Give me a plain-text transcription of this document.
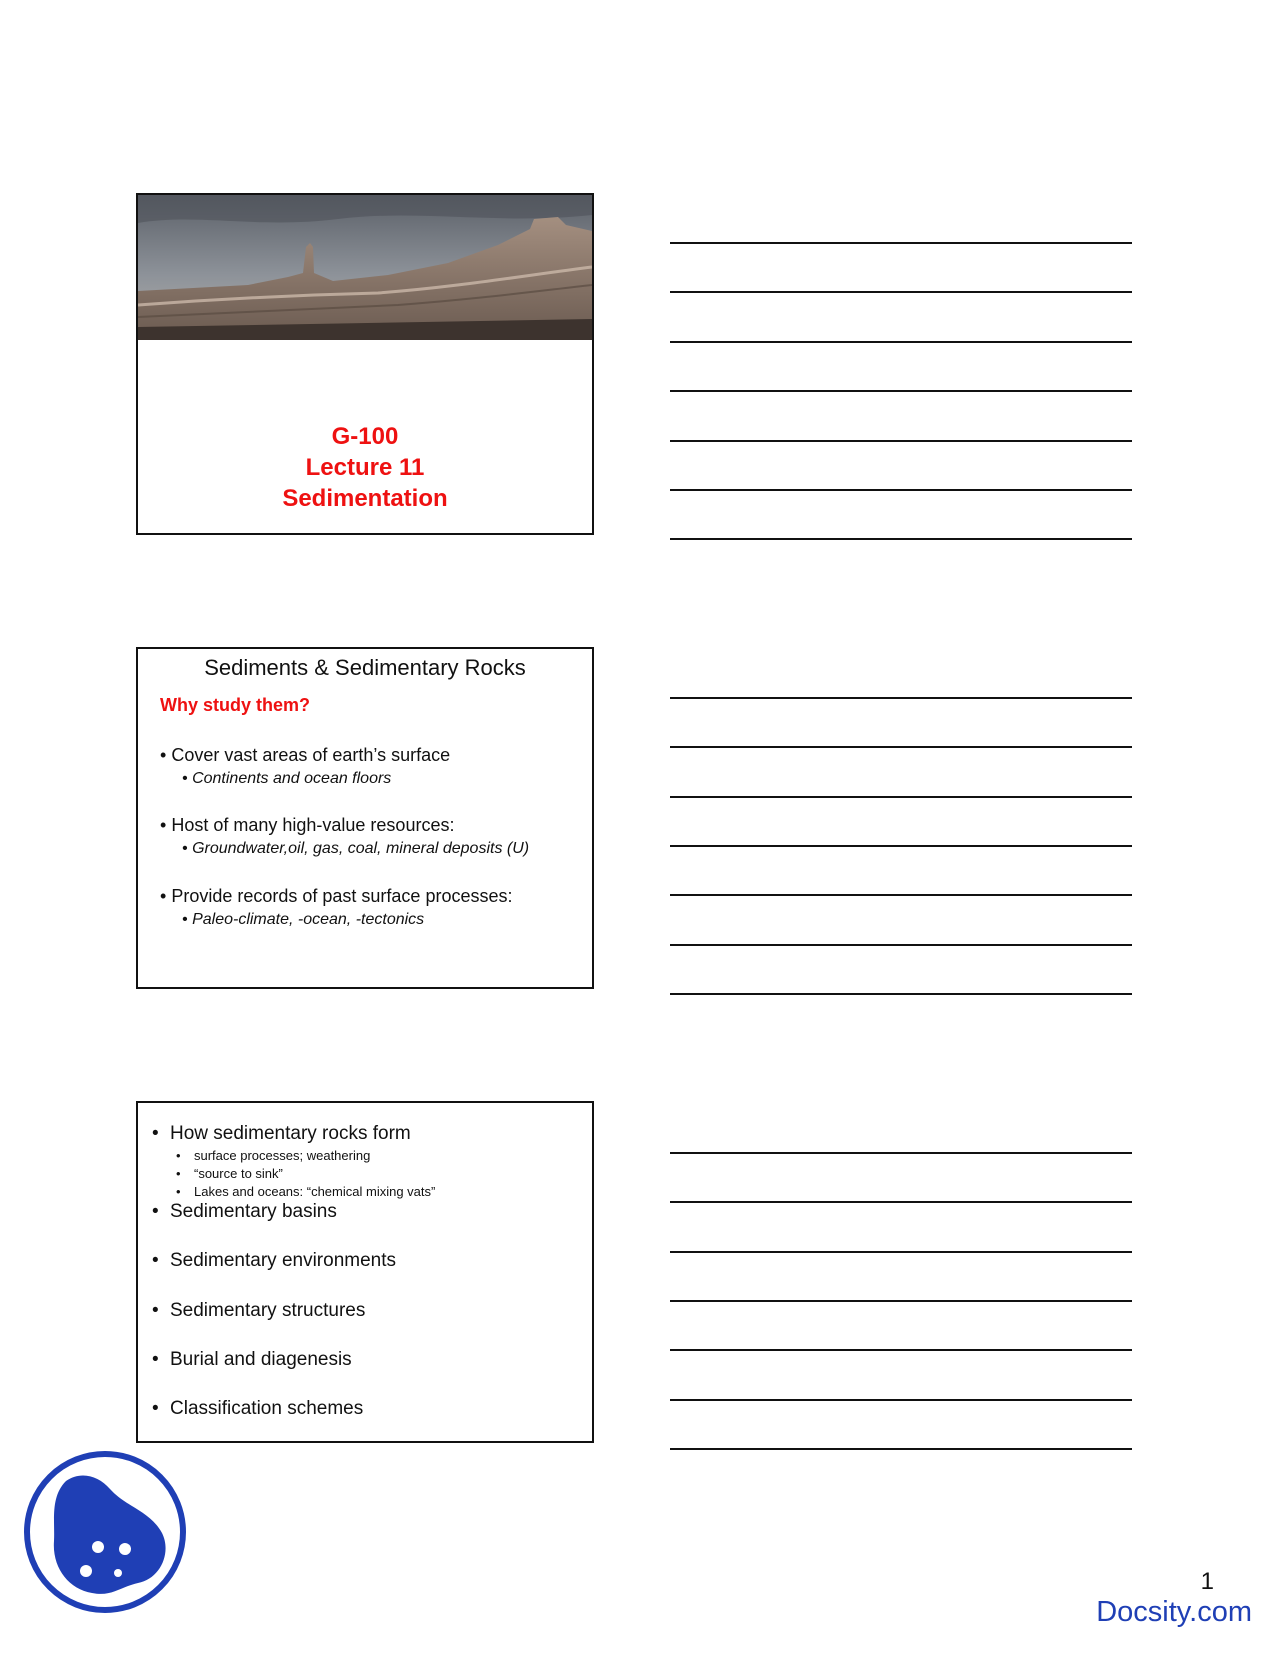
G-100
Lecture 11
Sedimentation
Sediments & Sedimentary Rocks
Why study them?
• Cover vast areas of earth’s surface
• Continents and ocean floors
• Host of many high-value resources:
• Groundwater,oil, gas, coal, mineral deposits (U)
• Provide records of past surface processes:
• Paleo-climate, -ocean, -tectonics
• How sedimentary rocks form
• surface processes; weathering
• “source to sink”
• Lakes and oceans: “chemical mixing vats”
• Sedimentary basins
• Sedimentary environments
• Sedimentary structures
• Burial and diagenesis
• Classification schemes
1
Docsity.com
